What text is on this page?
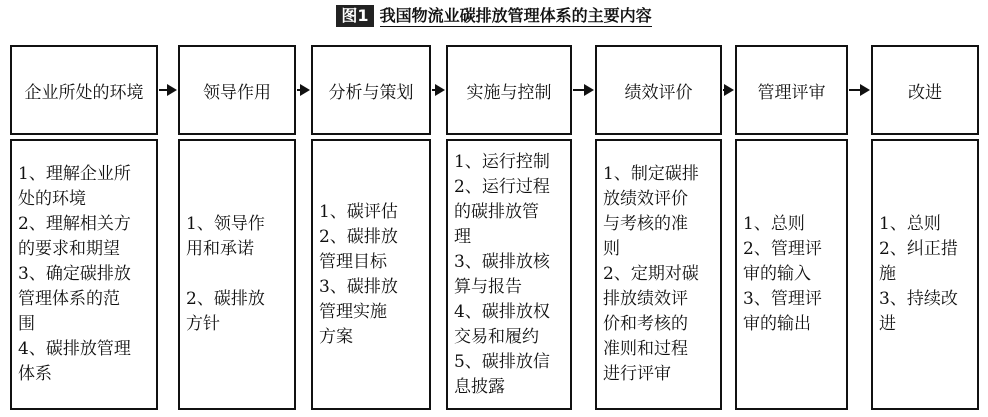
图1 我国物流业碳排放管理体系的主要内容
企业所处的环境
1、理解企业所
处的环境
2、理解相关方
的要求和期望
3、确定碳排放
管理体系的范
围
4、碳排放管理
体系
领导作用
1、领导作
用和承诺
2、碳排放
方针
分析与策划
1、碳评估
2、碳排放
管理目标
3、碳排放
管理实施
方案
实施与控制
1、运行控制
2、运行过程
的碳排放管
理
3、碳排放核
算与报告
4、碳排放权
交易和履约
5、碳排放信
息披露
绩效评价
1、制定碳排
放绩效评价
与考核的准
则
2、定期对碳
排放绩效评
价和考核的
准则和过程
进行评审
管理评审
1、总则
2、管理评
审的输入
3、管理评
审的输出
改进
1、总则
2、纠正措
施
3、持续改
进
